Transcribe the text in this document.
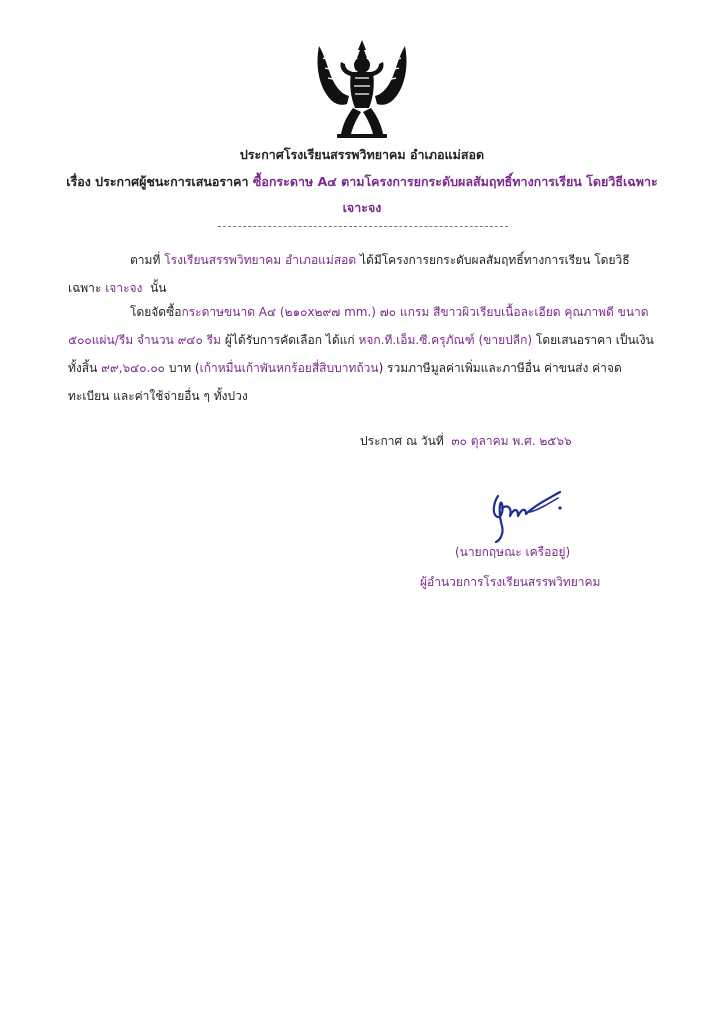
ประกาศโรงเรียนสรรพวิทยาคม อำเภอแม่สอด
เรื่อง ประกาศผู้ชนะการเสนอราคา ซื้อกระดาษ A๔ ตามโครงการยกระดับผลสัมฤทธิ์ทางการเรียน โดยวิธีเฉพาะ
เจาะจง
ตามที่ โรงเรียนสรรพวิทยาคม อำเภอแม่สอด ได้มีโครงการยกระดับผลสัมฤทธิ์ทางการเรียน โดยวิธีเฉพาะ เจาะจง นั้น
โดยจัดซื้อกระดาษขนาด A๔ (๒๑๐x๒๙๗ mm.) ๗๐ แกรม สีขาวผิวเรียบเนื้อละเอียด คุณภาพดี ขนาด ๕๐๐แผ่น/รีม จำนวน ๙๔๐ รีม ผู้ได้รับการคัดเลือก ได้แก่ หจก.ที.เอ็ม.ซี.ครุภัณฑ์ (ขายปลีก) โดยเสนอราคา เป็นเงินทั้งสิ้น ๙๙,๖๔๐.๐๐ บาท (เก้าหมื่นเก้าพันหกร้อยสี่สิบบาทถ้วน) รวมภาษีมูลค่าเพิ่มและภาษีอื่น ค่าขนส่ง ค่าจดทะเบียน และค่าใช้จ่ายอื่น ๆ ทั้งปวง
ประกาศ ณ วันที่ ๓๐ ตุลาคม พ.ศ. ๒๕๖๖
(นายกฤษณะ เครืออยู่)
ผู้อำนวยการโรงเรียนสรรพวิทยาคม
